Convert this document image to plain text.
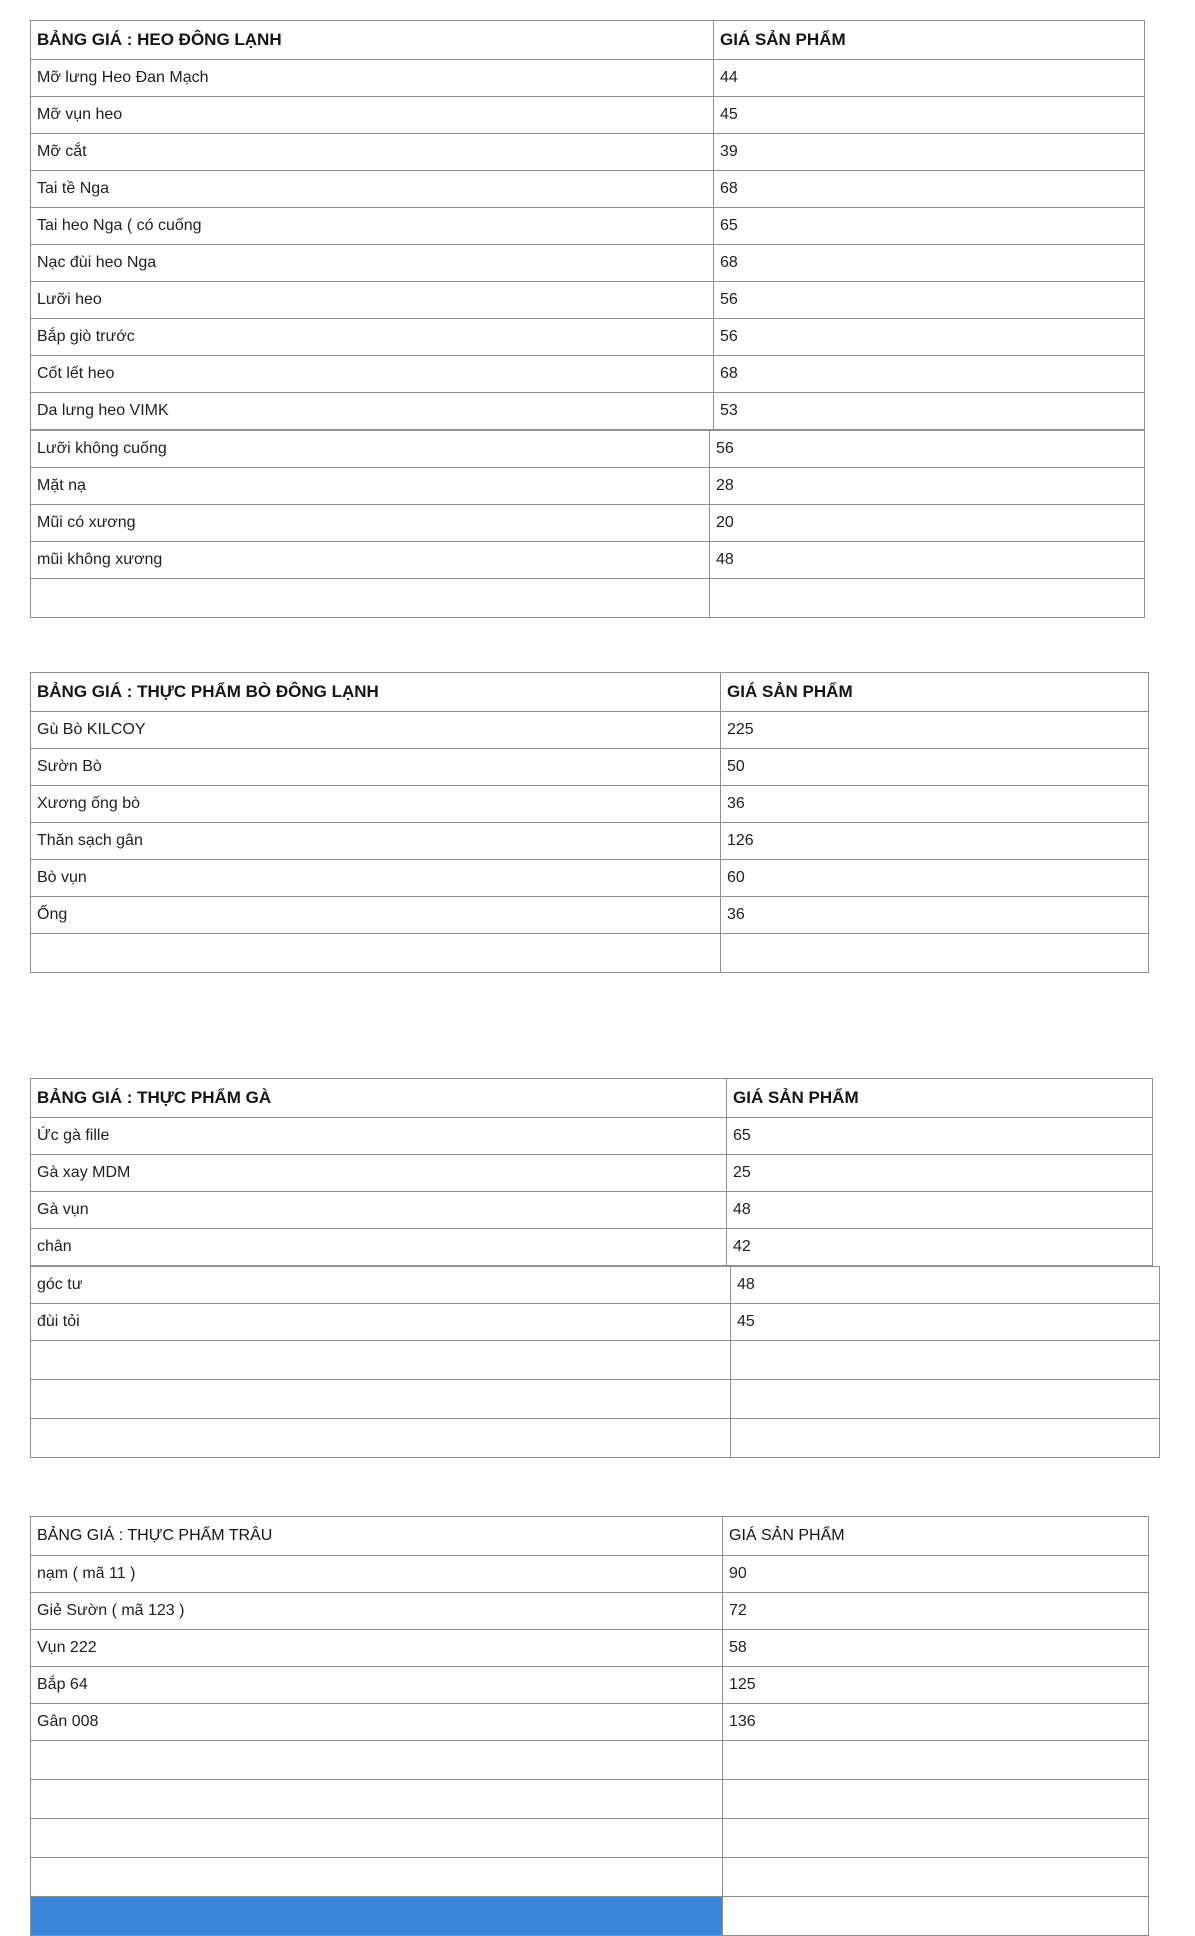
BẢNG GIÁ : HEO ĐÔNG LẠNH	GIÁ SẢN PHẨM
Mỡ lưng Heo Đan Mạch	44
Mỡ vụn heo	45
Mỡ cắt	39
Tai tề Nga	68
Tai heo Nga ( có cuống	65
Nạc đùi heo Nga	68
Lưỡi heo	56
Bắp giò trước	56
Cốt lết heo	68
Da lưng heo VIMK	53
Lưỡi không cuống	56
Mặt nạ	28
Mũi có xương	20
mũi không xương	48

BẢNG GIÁ : THỰC PHẨM BÒ ĐÔNG LẠNH	GIÁ SẢN PHẨM
Gù Bò KILCOY	225
Sườn Bò	50
Xương ống bò	36
Thăn sạch gân	126
Bò vụn	60
Ống	36

BẢNG GIÁ : THỰC PHẨM GÀ	GIÁ SẢN PHẨM
Ức gà fille	65
Gà xay MDM	25
Gà vụn	48
chân	42
góc tư	48
đùi tỏi	45

BẢNG GIÁ : THỰC PHẨM TRÂU	GIÁ SẢN PHẨM
nạm ( mã 11 )	90
Giẻ Sườn ( mã 123 )	72
Vụn 222	58
Bắp 64	125
Gân 008	136
